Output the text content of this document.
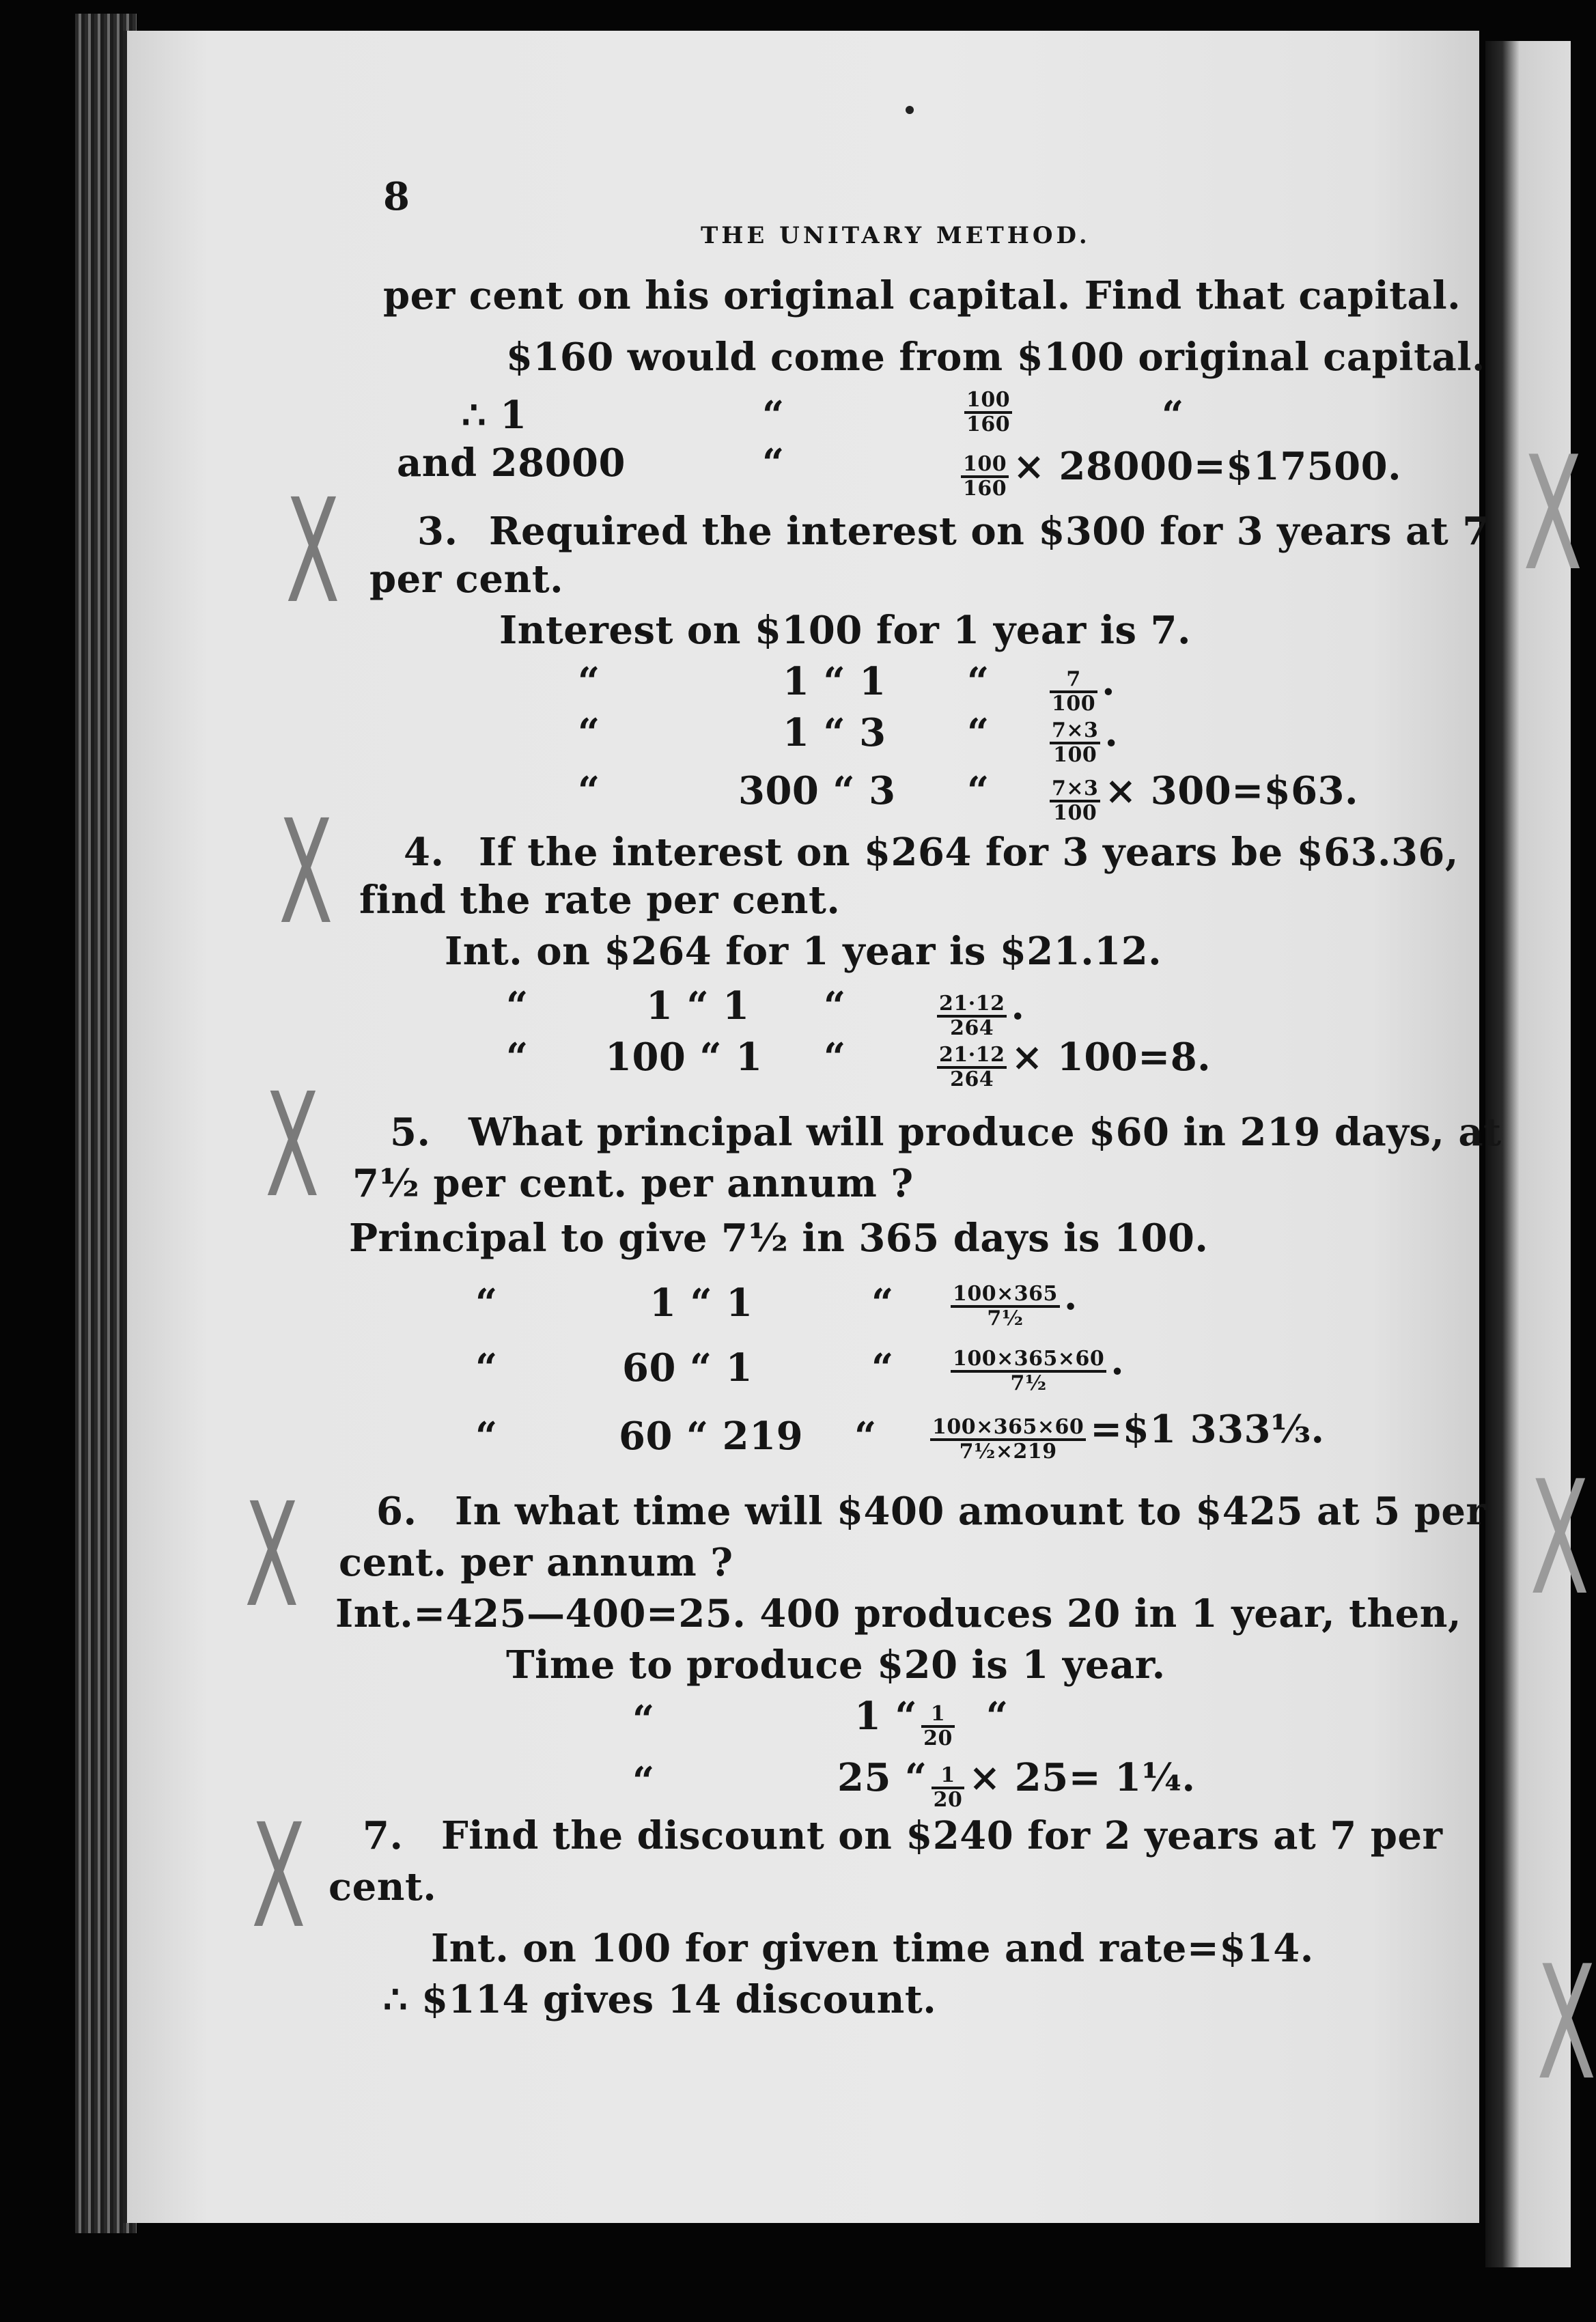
X
X
X
8
THE UNITARY METHOD.
per cent on his original capital. Find that capital.
$160 would come from $100 original capital.
∴ 1	“	$\frac{100}{160}$	“
and 28000	“	$\frac{100}{160}$ × 28000=$17500.
X 3. Required the interest on $300 for 3 years at 7
per cent.
Interest on $100 for 1 year is 7.
“	1 “ 1 “	$\frac{7}{100}$ .
“	1 “ 3 “	$\frac{7\times 3}{100}$ .
“	300 “ 3 “	$\frac{7\times 3}{100}$ × 300=$63.
X 4. If the interest on $264 for 3 years be $63.36,
find the rate per cent.
Int. on $264 for 1 year is $21.12.
“	1 “ 1 “	$\frac{21\cdot 12}{264}$ .
“ 100 “ 1 “	$\frac{21\cdot 12}{264} \times 100=8$.
X 5. What principal will produce $60 in 219 days, at
7½ per cent. per annum ?
Principal to give 7½ in 365 days is 100.
“	1 “ 1	“	$\frac{100\times 365}{\text{7½}}$ .
“	60 “ 1	“	$\frac{100\times 365\times 60}{\text{7½}}$ .
“	60 “ 219 “	$\frac{100\times 365\times 60}{\text{7½×219}}$ =$1 333⅓.
X 6. In what time will $400 amount to $425 at 5 per
cent. per annum ?
Int.=425—400=25. 400 produces 20 in 1 year, then,
Time to produce $20 is 1 year.
“	1 “ $\frac{1}{20}$ “
“	25 “ $\frac{1}{20} \times 25=$ 1¼.
X 7. Find the discount on $240 for 2 years at 7 per
cent.
Int. on 100 for given time and rate=$14.
∴ $114 gives 14 discount.
